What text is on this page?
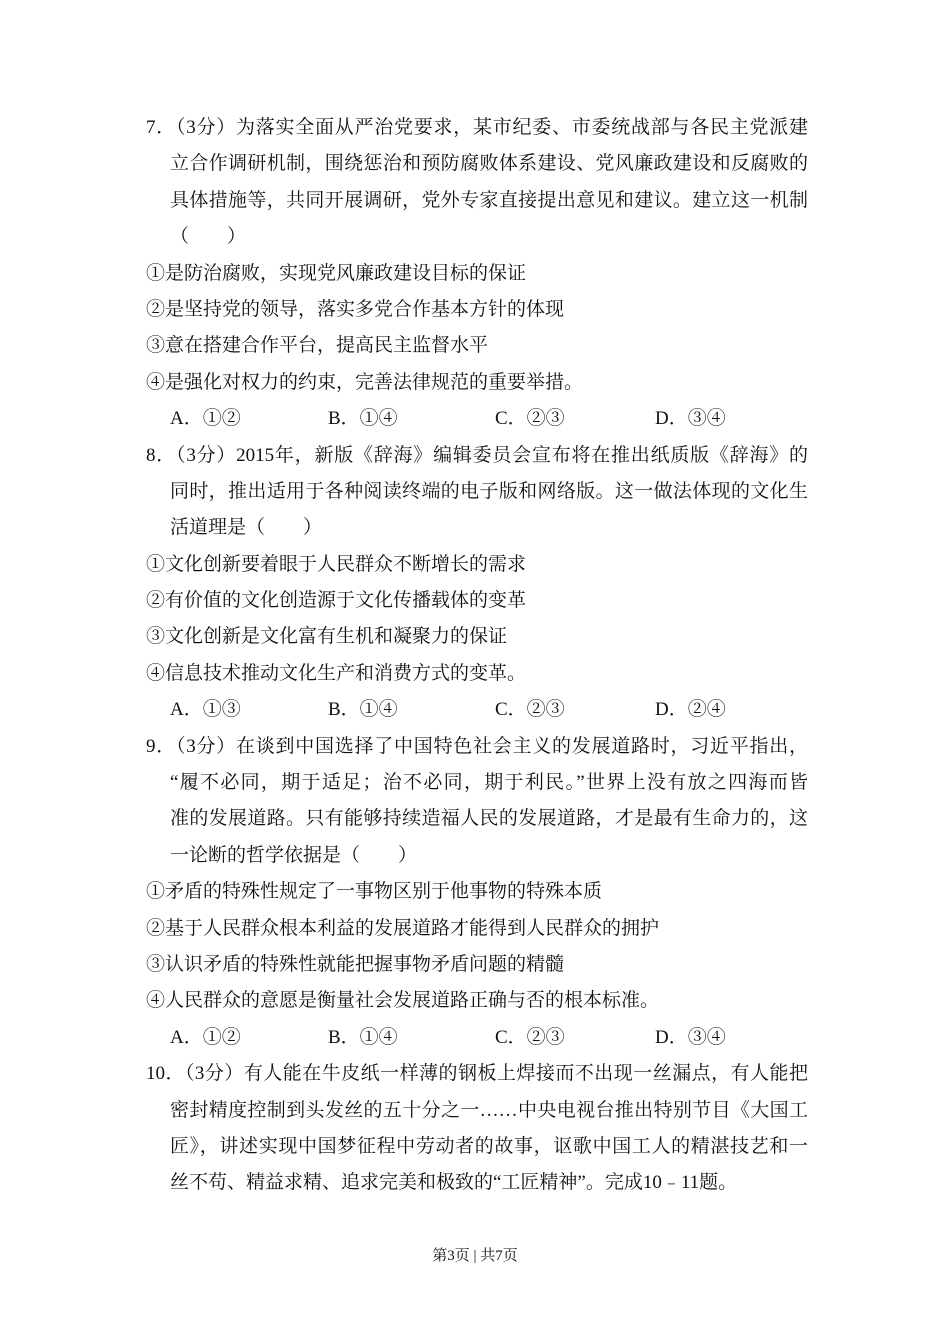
7．（3分）为落实全面从严治党要求，某市纪委、市委统战部与各民主党派建
立合作调研机制，围绕惩治和预防腐败体系建设、党风廉政建设和反腐败的
具体措施等，共同开展调研，党外专家直接提出意见和建议。建立这一机制
（　　）
①是防治腐败，实现党风廉政建设目标的保证
②是坚持党的领导，落实多党合作基本方针的体现
③意在搭建合作平台，提高民主监督水平
④是强化对权力的约束，完善法律规范的重要举措。
A．①②	B．①④	C．②③	D．③④
8．（3分）2015年，新版《辞海》编辑委员会宣布将在推出纸质版《辞海》的
同时，推出适用于各种阅读终端的电子版和网络版。这一做法体现的文化生
活道理是（　　）
①文化创新要着眼于人民群众不断增长的需求
②有价值的文化创造源于文化传播载体的变革
③文化创新是文化富有生机和凝聚力的保证
④信息技术推动文化生产和消费方式的变革。
A．①③	B．①④	C．②③	D．②④
9．（3分）在谈到中国选择了中国特色社会主义的发展道路时，习近平指出，
“履不必同，期于适足；治不必同，期于利民。”世界上没有放之四海而皆
准的发展道路。只有能够持续造福人民的发展道路，才是最有生命力的，这
一论断的哲学依据是（　　）
①矛盾的特殊性规定了一事物区别于他事物的特殊本质
②基于人民群众根本利益的发展道路才能得到人民群众的拥护
③认识矛盾的特殊性就能把握事物矛盾问题的精髓
④人民群众的意愿是衡量社会发展道路正确与否的根本标准。
A．①②	B．①④	C．②③	D．③④
10．（3分）有人能在牛皮纸一样薄的钢板上焊接而不出现一丝漏点，有人能把
密封精度控制到头发丝的五十分之一……中央电视台推出特别节目《大国工
匠》，讲述实现中国梦征程中劳动者的故事，讴歌中国工人的精湛技艺和一
丝不苟、精益求精、追求完美和极致的“工匠精神”。完成10﹣11题。
第3页 | 共7页
